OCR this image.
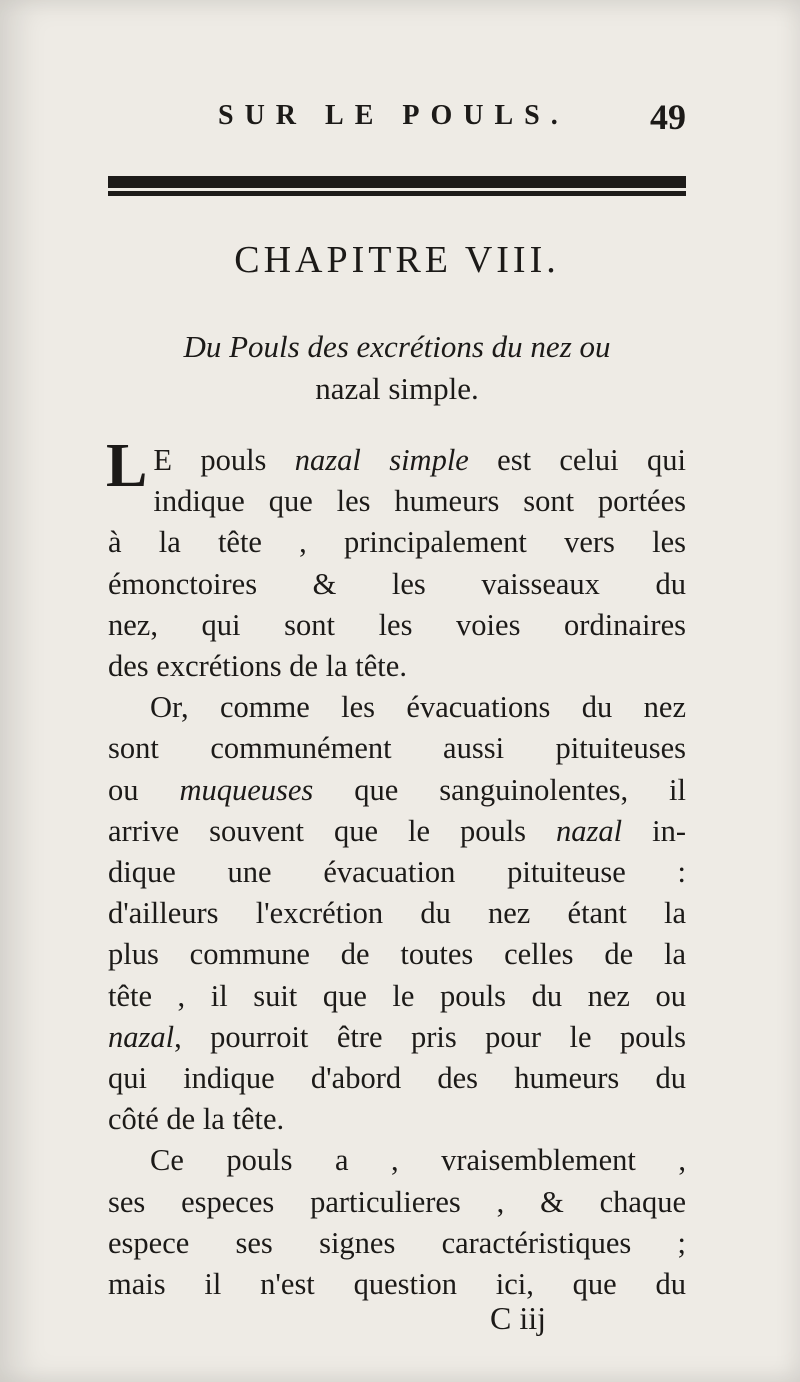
SUR LE POULS. 49
CHAPITRE VIII.
Du Pouls des excrétions du nez ou
nazal simple.
L E pouls nazal simple est celui qui
indique que les humeurs sont portées
à la tête , principalement vers les
émonctoires & les vaisseaux du
nez, qui sont les voies ordinaires
des excrétions de la tête.
Or, comme les évacuations du nez
sont communément aussi pituiteuses
ou muqueuses que sanguinolentes, il
arrive souvent que le pouls nazal in-
dique une évacuation pituiteuse :
d'ailleurs l'excrétion du nez étant la
plus commune de toutes celles de la
tête , il suit que le pouls du nez ou
nazal, pourroit être pris pour le pouls
qui indique d'abord des humeurs du
côté de la tête.
Ce pouls a , vraisemblement ,
ses especes particulieres , & chaque
espece ses signes caractéristiques ;
mais il n'est question ici, que du
C iij
